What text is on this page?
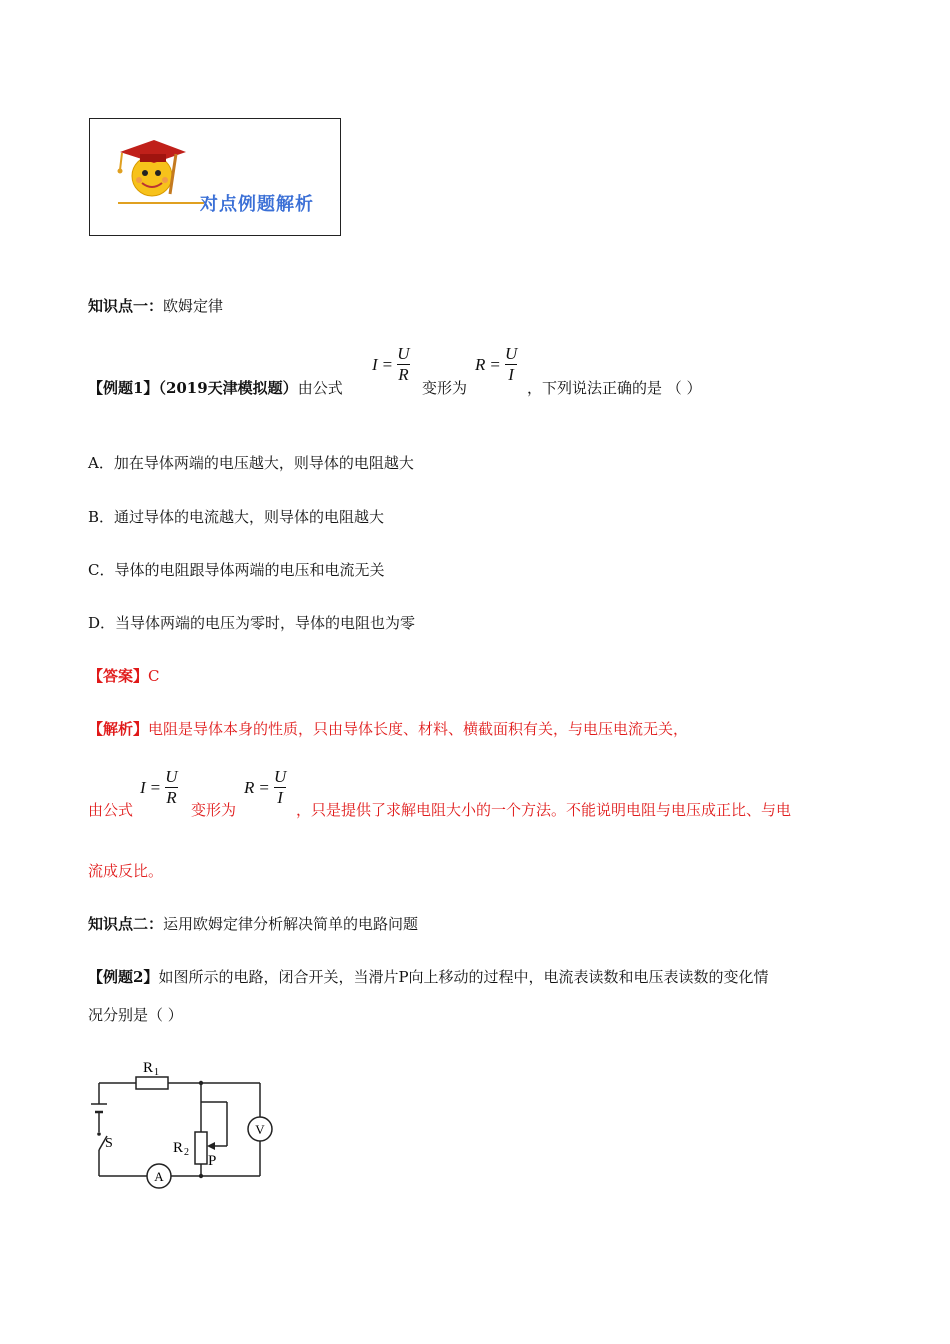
对点例题解析
知识点一：欧姆定律
【例题1】（2019天津模拟题）由公式
$I = \frac{U}{R}$
变形为
$R = \frac{U}{I}$
，下列说法正确的是 （ ）
A．加在导体两端的电压越大，则导体的电阻越大
B．通过导体的电流越大，则导体的电阻越大
C．导体的电阻跟导体两端的电压和电流无关
D．当导体两端的电压为零时，导体的电阻也为零
【答案】C
【解析】电阻是导体本身的性质，只由导体长度、材料、横截面积有关，与电压电流无关，
由公式
$I = \frac{U}{R}$
变形为
$R = \frac{U}{I}$
，只是提供了求解电阻大小的一个方法。不能说明电阻与电压成正比、与电
流成反比。
知识点二：运用欧姆定律分析解决简单的电路问题
【例题2】如图所示的电路，闭合开关，当滑片P向上移动的过程中，电流表读数和电压表读数的变化情
况分别是（ ）
V
A
R 1
R 2
S
P
